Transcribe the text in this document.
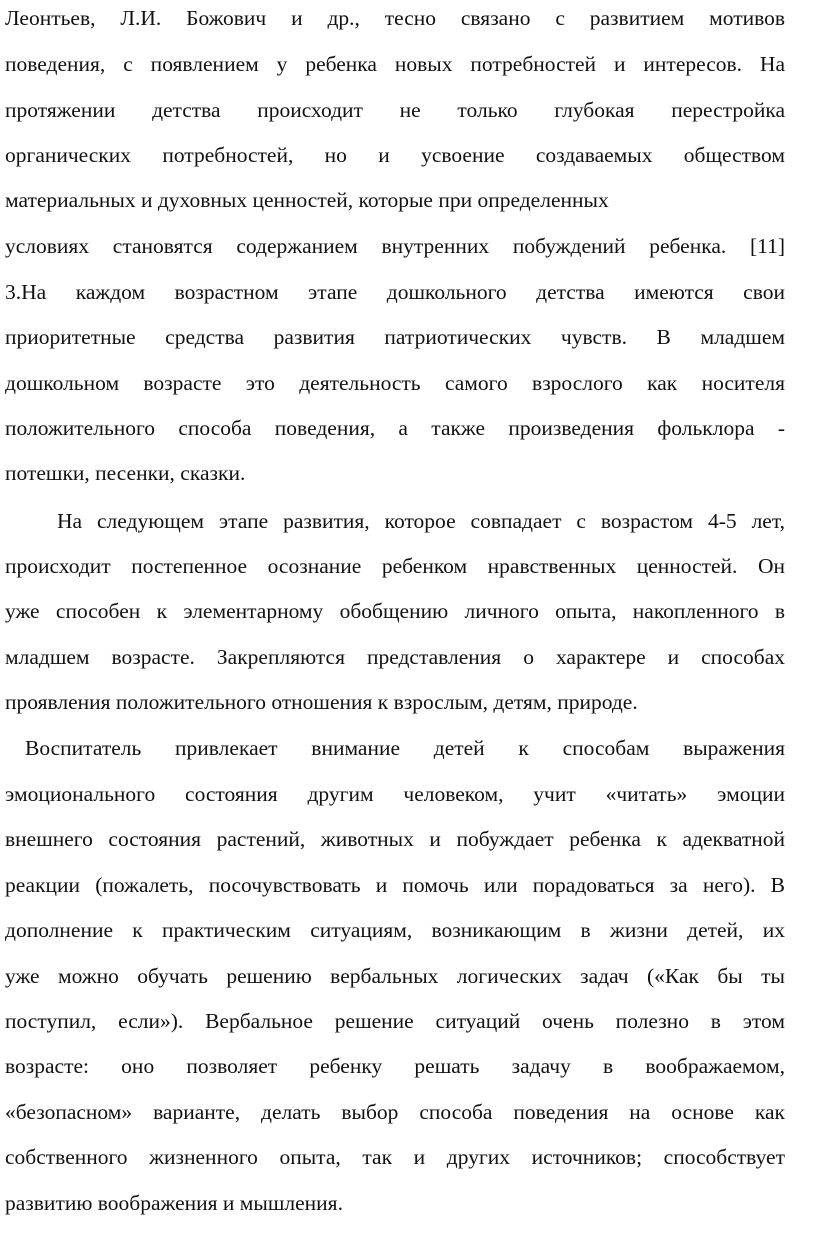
Леонтьев, Л.И. Божович и др., тесно связано с развитием мотивов
поведения, с появлением у ребенка новых потребностей и интересов. На
протяжении детства происходит не только глубокая перестройка
органических потребностей, но и усвоение создаваемых обществом
материальных и духовных ценностей, которые при определенных
условиях становятся содержанием внутренних побуждений ребенка. [11]
3.На каждом возрастном этапе дошкольного детства имеются свои
приоритетные средства развития патриотических чувств. В младшем
дошкольном возрасте это деятельность самого взрослого как носителя
положительного способа поведения, а также произведения фольклора -
потешки, песенки, сказки.
На следующем этапе развития, которое совпадает с возрастом 4-5 лет,
происходит постепенное осознание ребенком нравственных ценностей. Он
уже способен к элементарному обобщению личного опыта, накопленного в
младшем возрасте. Закрепляются представления о характере и способах
проявления положительного отношения к взрослым, детям, природе.
Воспитатель привлекает внимание детей к способам выражения
эмоционального состояния другим человеком, учит «читать» эмоции
внешнего состояния растений, животных и побуждает ребенка к адекватной
реакции (пожалеть, посочувствовать и помочь или порадоваться за него). В
дополнение к практическим ситуациям, возникающим в жизни детей, их
уже можно обучать решению вербальных логических задач («Как бы ты
поступил, если»). Вербальное решение ситуаций очень полезно в этом
возрасте: оно позволяет ребенку решать задачу в воображаемом,
«безопасном» варианте, делать выбор способа поведения на основе как
собственного жизненного опыта, так и других источников; способствует
развитию воображения и мышления.
